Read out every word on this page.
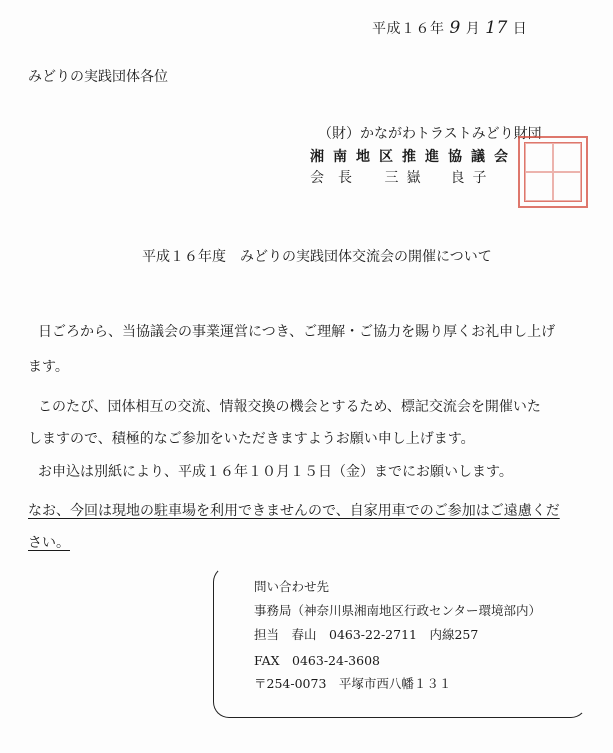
平成１６年 9 月 17 日
みどりの実践団体各位
（財）かながわトラストみどり財団
湘南地区推進協議会
会長 三嶽　良子
平成１６年度　みどりの実践団体交流会の開催について
日ごろから、当協議会の事業運営につき、ご理解・ご協力を賜り厚くお礼申し上げ
ます。
このたび、団体相互の交流、情報交換の機会とするため、標記交流会を開催いた
しますので、積極的なご参加をいただきますようお願い申し上げます。
お申込は別紙により、平成１６年１０月１５日（金）までにお願いします。
なお、今回は現地の駐車場を利用できませんので、自家用車でのご参加はご遠慮くだ
さい。
問い合わせ先
事務局（神奈川県湘南地区行政センター環境部内）
担当　春山　0463-22-2711　内線257
FAX　0463-24-3608
〒254-0073　平塚市西八幡１３１
